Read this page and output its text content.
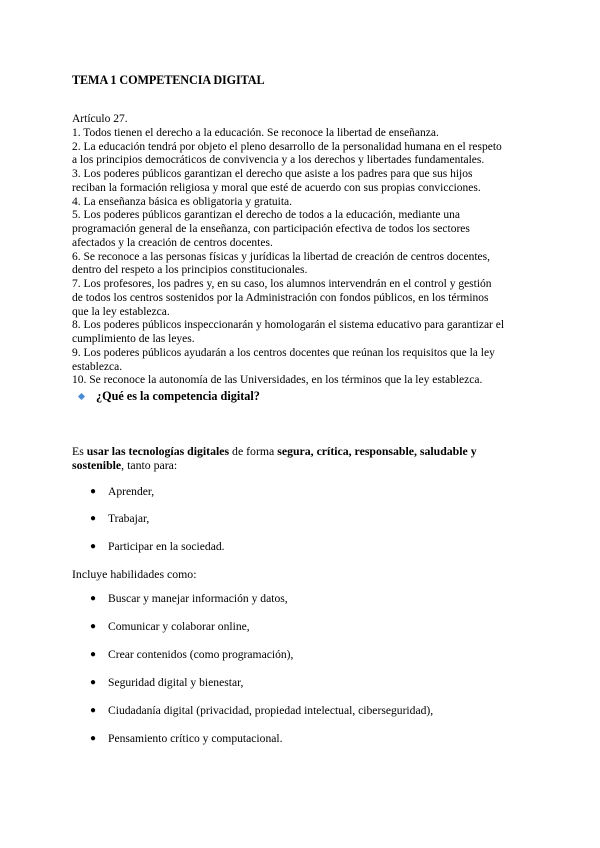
TEMA 1 COMPETENCIA DIGITAL
Artículo 27.
1. Todos tienen el derecho a la educación. Se reconoce la libertad de enseñanza.
2. La educación tendrá por objeto el pleno desarrollo de la personalidad humana en el respeto
a los principios democráticos de convivencia y a los derechos y libertades fundamentales.
3. Los poderes públicos garantizan el derecho que asiste a los padres para que sus hijos
reciban la formación religiosa y moral que esté de acuerdo con sus propias convicciones.
4. La enseñanza básica es obligatoria y gratuita.
5. Los poderes públicos garantizan el derecho de todos a la educación, mediante una
programación general de la enseñanza, con participación efectiva de todos los sectores
afectados y la creación de centros docentes.
6. Se reconoce a las personas físicas y jurídicas la libertad de creación de centros docentes,
dentro del respeto a los principios constitucionales.
7. Los profesores, los padres y, en su caso, los alumnos intervendrán en el control y gestión
de todos los centros sostenidos por la Administración con fondos públicos, en los términos
que la ley establezca.
8. Los poderes públicos inspeccionarán y homologarán el sistema educativo para garantizar el
cumplimiento de las leyes.
9. Los poderes públicos ayudarán a los centros docentes que reúnan los requisitos que la ley
establezca.
10. Se reconoce la autonomía de las Universidades, en los términos que la ley establezca.
¿Qué es la competencia digital?
Es usar las tecnologías digitales de forma segura, crítica, responsable, saludable y sostenible, tanto para:
●	Aprender,
●	Trabajar,
●	Participar en la sociedad.
Incluye habilidades como:
●	Buscar y manejar información y datos,
●	Comunicar y colaborar online,
●	Crear contenidos (como programación),
●	Seguridad digital y bienestar,
●	Ciudadanía digital (privacidad, propiedad intelectual, ciberseguridad),
●	Pensamiento crítico y computacional.
